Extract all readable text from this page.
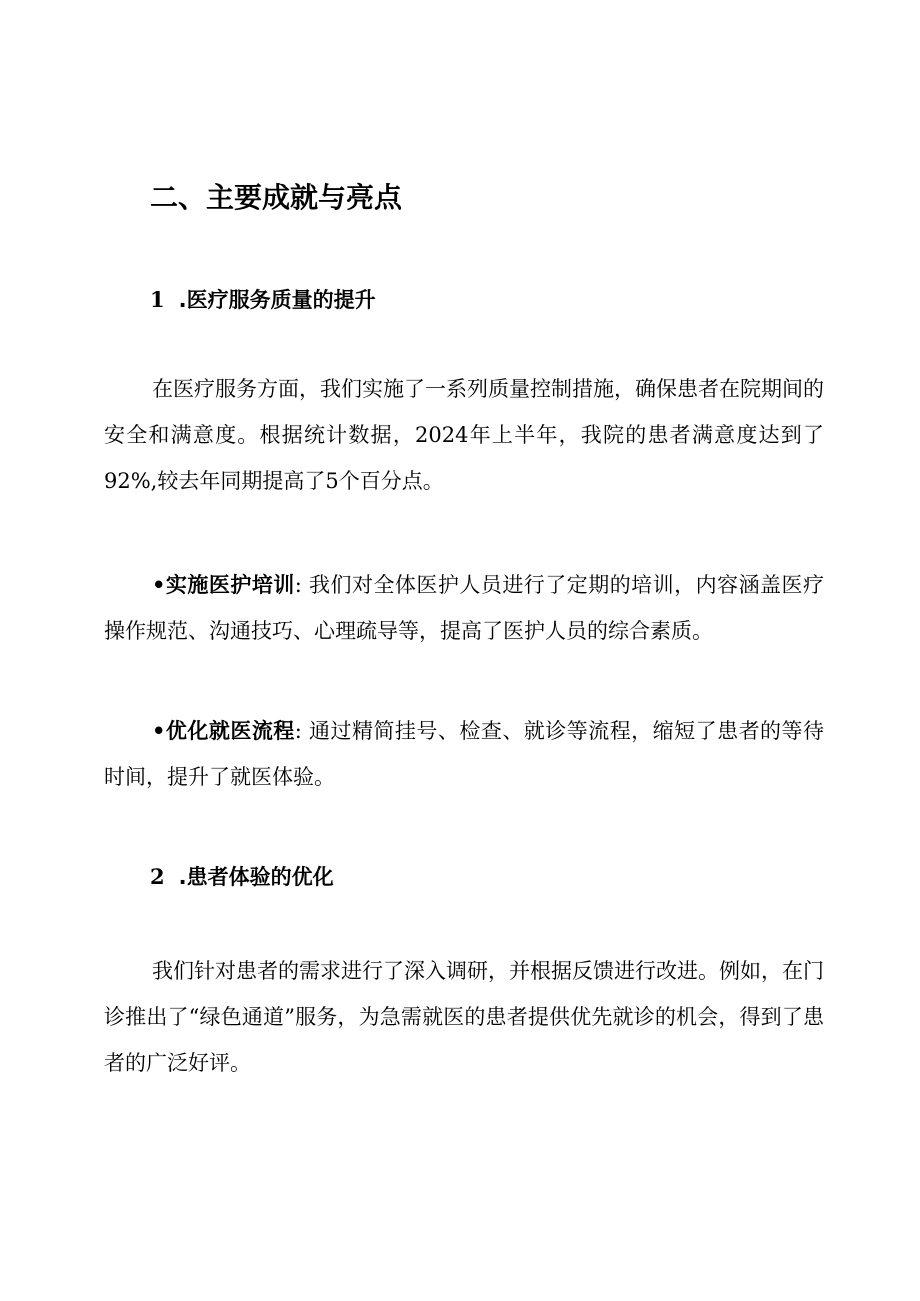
二、主要成就与亮点
1 .医疗服务质量的提升

在医疗服务方面，我们实施了一系列质量控制措施，确保患者在院期间的安全和满意度。根据统计数据，2024年上半年，我院的患者满意度达到了92%,较去年同期提高了5个百分点。

•实施医护培训: 我们对全体医护人员进行了定期的培训，内容涵盖医疗操作规范、沟通技巧、心理疏导等，提高了医护人员的综合素质。

•优化就医流程: 通过精简挂号、检查、就诊等流程，缩短了患者的等待时间，提升了就医体验。

2 .患者体验的优化

我们针对患者的需求进行了深入调研，并根据反馈进行改进。例如，在门诊推出了“绿色通道”服务，为急需就医的患者提供优先就诊的机会，得到了患者的广泛好评。
